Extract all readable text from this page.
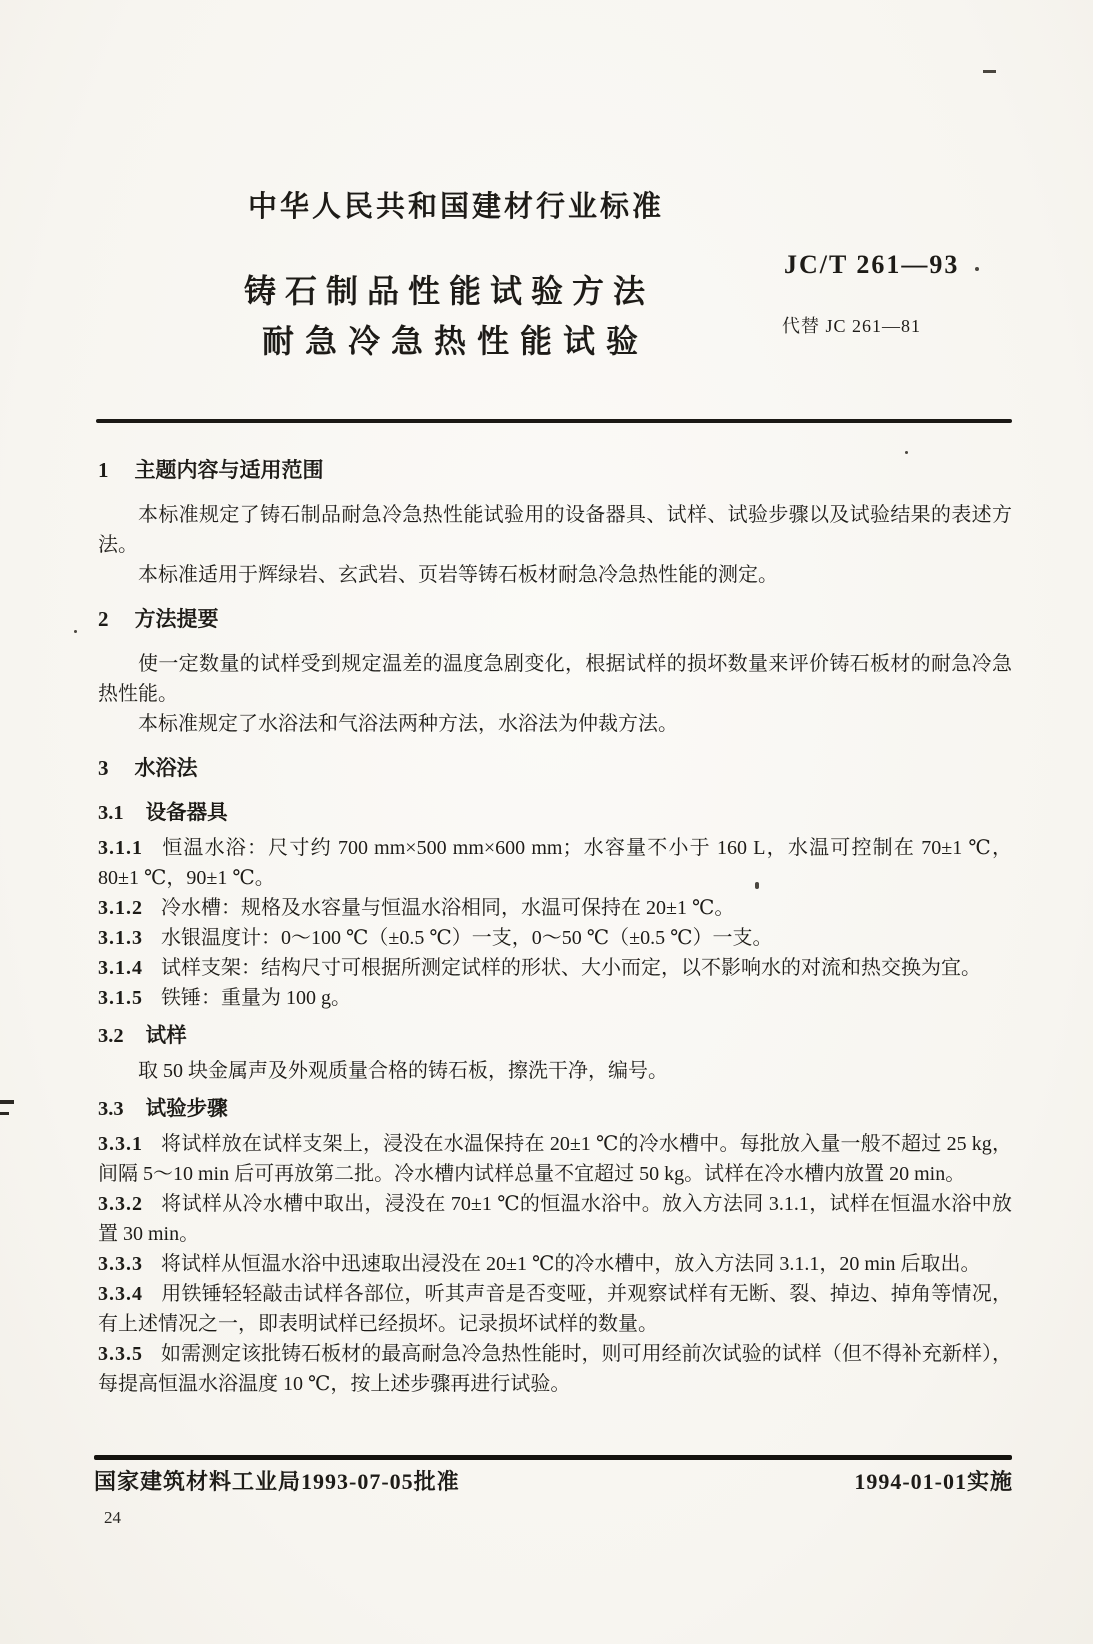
中华人民共和国建材行业标准
铸石制品性能试验方法
耐急冷急热性能试验
JC/T 261—93
代替 JC 261—81
1 主题内容与适用范围

本标准规定了铸石制品耐急冷急热性能试验用的设备器具、试样、试验步骤以及试验结果的表述方法。

本标准适用于辉绿岩、玄武岩、页岩等铸石板材耐急冷急热性能的测定。

2 方法提要

使一定数量的试样受到规定温差的温度急剧变化，根据试样的损坏数量来评价铸石板材的耐急冷急热性能。

本标准规定了水浴法和气浴法两种方法，水浴法为仲裁方法。

3 水浴法
3.1 设备器具

3.1.1 恒温水浴：尺寸约 700 mm×500 mm×600 mm；水容量不小于 160 L，水温可控制在 70±1 ℃，80±1 ℃，90±1 ℃。

3.1.2 冷水槽：规格及水容量与恒温水浴相同，水温可保持在 20±1 ℃。

3.1.3 水银温度计：0～100 ℃（±0.5 ℃）一支，0～50 ℃（±0.5 ℃）一支。

3.1.4 试样支架：结构尺寸可根据所测定试样的形状、大小而定，以不影响水的对流和热交换为宜。

3.1.5 铁锤：重量为 100 g。

3.2 试样

取 50 块金属声及外观质量合格的铸石板，擦洗干净，编号。

3.3 试验步骤

3.3.1 将试样放在试样支架上，浸没在水温保持在 20±1 ℃的冷水槽中。每批放入量一般不超过 25 kg，间隔 5～10 min 后可再放第二批。冷水槽内试样总量不宜超过 50 kg。试样在冷水槽内放置 20 min。

3.3.2 将试样从冷水槽中取出，浸没在 70±1 ℃的恒温水浴中。放入方法同 3.1.1，试样在恒温水浴中放置 30 min。

3.3.3 将试样从恒温水浴中迅速取出浸没在 20±1 ℃的冷水槽中，放入方法同 3.1.1，20 min 后取出。

3.3.4 用铁锤轻轻敲击试样各部位，听其声音是否变哑，并观察试样有无断、裂、掉边、掉角等情况，有上述情况之一，即表明试样已经损坏。记录损坏试样的数量。

3.3.5 如需测定该批铸石板材的最高耐急冷急热性能时，则可用经前次试验的试样（但不得补充新样），每提高恒温水浴温度 10 ℃，按上述步骤再进行试验。

国家建筑材料工业局1993-07-05批准	1994-01-01实施
24
